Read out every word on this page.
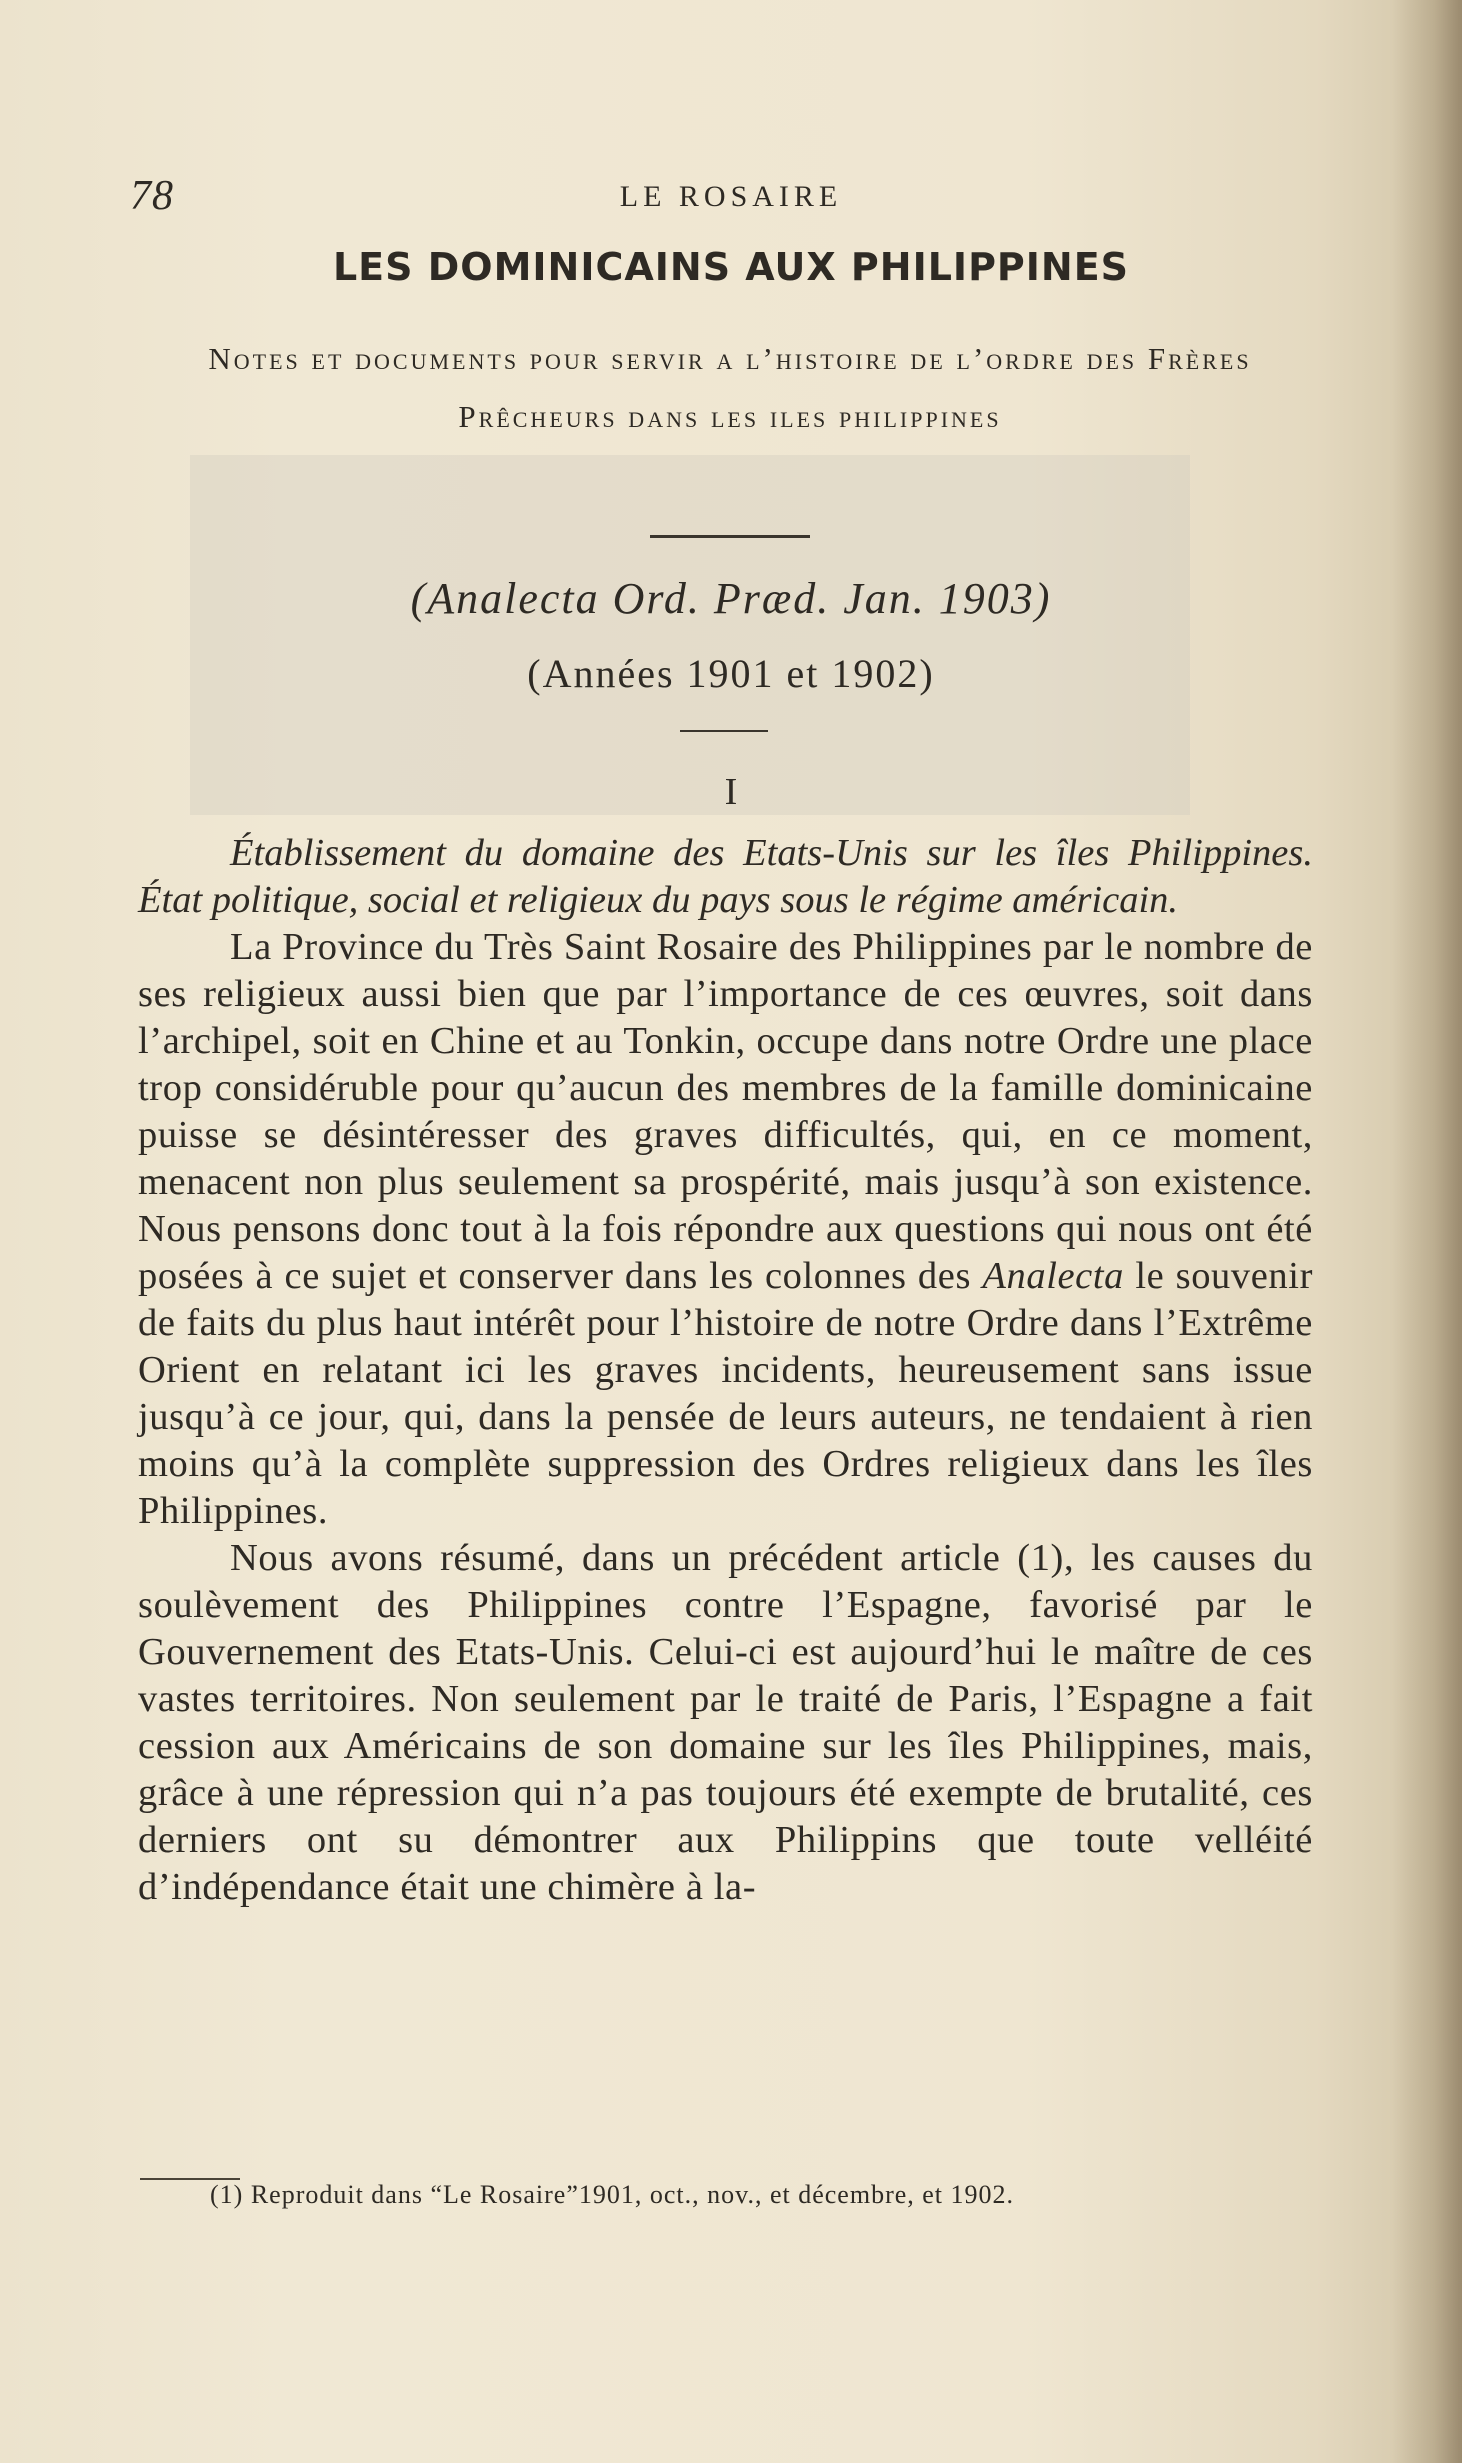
78	LE ROSAIRE
LES DOMINICAINS AUX PHILIPPINES
Notes et documents pour servir a l’histoire de l’ordre des Frères Prêcheurs dans les iles philippines
(Analecta Ord. Præd. Jan. 1903)
(Années 1901 et 1902)
I

Établissement du domaine des Etats-Unis sur les îles Philippines. État politique, social et religieux du pays sous le régime américain.

La Province du Très Saint Rosaire des Philippines par le nombre de ses religieux aussi bien que par l’importance de ces œuvres, soit dans l’archipel, soit en Chine et au Tonkin, occupe dans notre Ordre une place trop considéruble pour qu’aucun des membres de la famille dominicaine puisse se désintéresser des graves difficultés, qui, en ce moment, menacent non plus seulement sa prospérité, mais jusqu’à son existence. Nous pensons donc tout à la fois répondre aux questions qui nous ont été posées à ce sujet et conserver dans les colonnes des Analecta le souvenir de faits du plus haut intérêt pour l’histoire de notre Ordre dans l’Extrême Orient en relatant ici les graves incidents, heureusement sans issue jusqu’à ce jour, qui, dans la pensée de leurs auteurs, ne tendaient à rien moins qu’à la complète suppression des Ordres religieux dans les îles Philippines.

Nous avons résumé, dans un précédent article (1), les causes du soulèvement des Philippines contre l’Espagne, favorisé par le Gouvernement des Etats-Unis. Celui-ci est aujourd’hui le maître de ces vastes territoires. Non seulement par le traité de Paris, l’Espagne a fait cession aux Américains de son domaine sur les îles Philippines, mais, grâce à une répression qui n’a pas toujours été exempte de brutalité, ces derniers ont su démontrer aux Philippins que toute velléité d’indépendance était une chimère à la-

(1) Reproduit dans “Le Rosaire”1901, oct., nov., et décembre, et 1902.
